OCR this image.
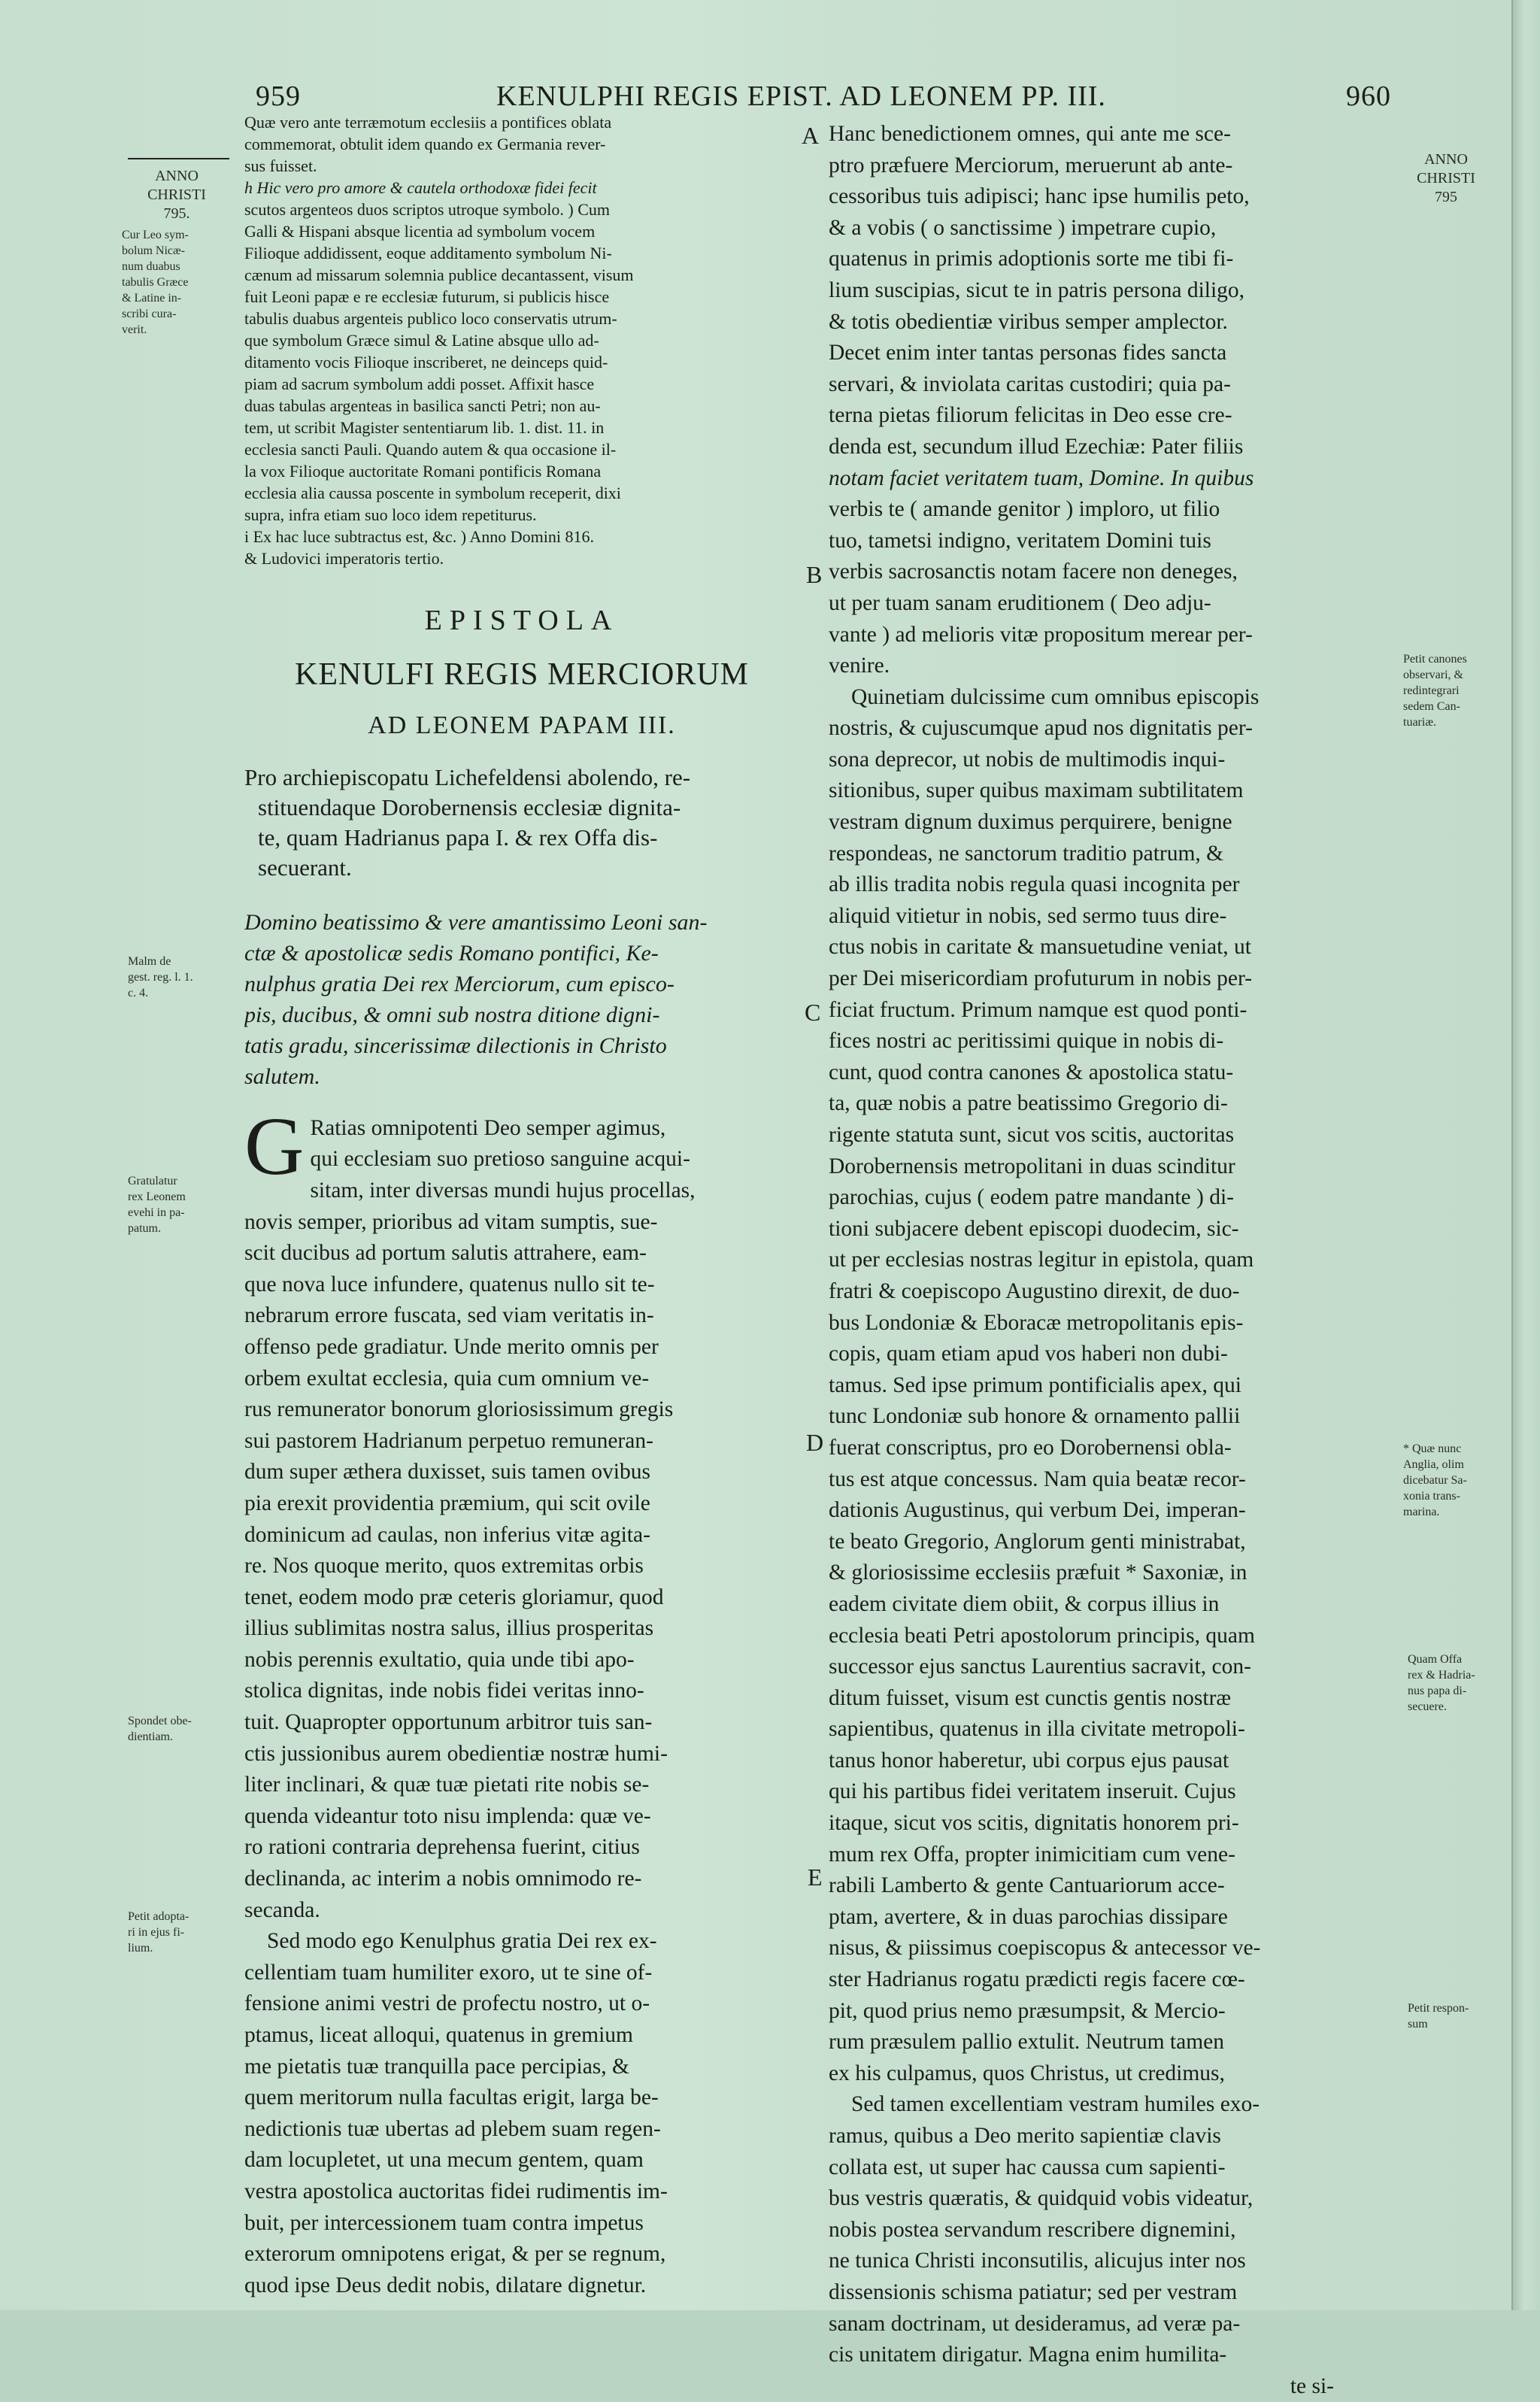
959	KENULPHI REGIS EPIST. AD LEONEM PP. III.	960
ANNO
CHRISTI
795.
Cur Leo sym-
bolum Nicæ-
num duabus
tabulis Græce
& Latine in-
scribi cura-
verit.
Malm de
gest. reg. l. 1.
c. 4.
Gratulatur
rex Leonem
evehi in pa-
patum.
Spondet obe-
dientiam.
Petit adopta-
ri in ejus fi-
lium.
ANNO
CHRISTI
795
Petit canones
observari, &
redintegrari
sedem Can-
tuariæ.
* Quæ nunc
Anglia, olim
dicebatur Sa-
xonia trans-
marina.
Quam Offa
rex & Hadria-
nus papa di-
secuere.
Petit respon-
sum
A
B
C
D
E
Quæ vero ante terræmotum ecclesiis a pontifices oblata
commemorat, obtulit idem quando ex Germania rever-
sus fuisset.
h Hic vero pro amore & cautela orthodoxæ fidei fecit
scutos argenteos duos scriptos utroque symbolo. ) Cum
Galli & Hispani absque licentia ad symbolum vocem
Filioque addidissent, eoque additamento symbolum Ni-
cænum ad missarum solemnia publice decantassent, visum
fuit Leoni papæ e re ecclesiæ futurum, si publicis hisce
tabulis duabus argenteis publico loco conservatis utrum-
que symbolum Græce simul & Latine absque ullo ad-
ditamento vocis Filioque inscriberet, ne deinceps quid-
piam ad sacrum symbolum addi posset. Affixit hasce
duas tabulas argenteas in basilica sancti Petri; non au-
tem, ut scribit Magister sententiarum lib. 1. dist. 11. in
ecclesia sancti Pauli. Quando autem & qua occasione il-
la vox Filioque auctoritate Romani pontificis Romana
ecclesia alia caussa poscente in symbolum receperit, dixi
supra, infra etiam suo loco idem repetiturus.
i Ex hac luce subtractus est, &c. ) Anno Domini 816.
& Ludovici imperatoris tertio.
EPISTOLA
KENULFI REGIS MERCIORUM
AD LEONEM PAPAM III.
Pro archiepiscopatu Lichefeldensi abolendo, re-
stituendaque Dorobernensis ecclesiæ dignita-
te, quam Hadrianus papa I. & rex Offa dis-
secuerant.
Domino beatissimo & vere amantissimo Leoni san-
ctæ & apostolicæ sedis Romano pontifici, Ke-
nulphus gratia Dei rex Merciorum, cum episco-
pis, ducibus, & omni sub nostra ditione digni-
tatis gradu, sincerissimæ dilectionis in Christo
salutem.
G Ratias omnipotenti Deo semper agimus,
qui ecclesiam suo pretioso sanguine acqui-
sitam, inter diversas mundi hujus procellas,
novis semper, prioribus ad vitam sumptis, sue-
scit ducibus ad portum salutis attrahere, eam-
que nova luce infundere, quatenus nullo sit te-
nebrarum errore fuscata, sed viam veritatis in-
offenso pede gradiatur. Unde merito omnis per
orbem exultat ecclesia, quia cum omnium ve-
rus remunerator bonorum gloriosissimum gregis
sui pastorem Hadrianum perpetuo remuneran-
dum super æthera duxisset, suis tamen ovibus
pia erexit providentia præmium, qui scit ovile
dominicum ad caulas, non inferius vitæ agita-
re. Nos quoque merito, quos extremitas orbis
tenet, eodem modo præ ceteris gloriamur, quod
illius sublimitas nostra salus, illius prosperitas
nobis perennis exultatio, quia unde tibi apo-
stolica dignitas, inde nobis fidei veritas inno-
tuit. Quapropter opportunum arbitror tuis san-
ctis jussionibus aurem obedientiæ nostræ humi-
liter inclinari, & quæ tuæ pietati rite nobis se-
quenda videantur toto nisu implenda: quæ ve-
ro rationi contraria deprehensa fuerint, citius
declinanda, ac interim a nobis omnimodo re-
secanda.
Sed modo ego Kenulphus gratia Dei rex ex-
cellentiam tuam humiliter exoro, ut te sine of-
fensione animi vestri de profectu nostro, ut o-
ptamus, liceat alloqui, quatenus in gremium
me pietatis tuæ tranquilla pace percipias, &
quem meritorum nulla facultas erigit, larga be-
nedictionis tuæ ubertas ad plebem suam regen-
dam locupletet, ut una mecum gentem, quam
vestra apostolica auctoritas fidei rudimentis im-
buit, per intercessionem tuam contra impetus
exterorum omnipotens erigat, & per se regnum,
quod ipse Deus dedit nobis, dilatare dignetur.
Hanc benedictionem omnes, qui ante me sce-
ptro præfuere Merciorum, meruerunt ab ante-
cessoribus tuis adipisci; hanc ipse humilis peto,
& a vobis ( o sanctissime ) impetrare cupio,
quatenus in primis adoptionis sorte me tibi fi-
lium suscipias, sicut te in patris persona diligo,
& totis obedientiæ viribus semper amplector.
Decet enim inter tantas personas fides sancta
servari, & inviolata caritas custodiri; quia pa-
terna pietas filiorum felicitas in Deo esse cre-
denda est, secundum illud Ezechiæ: Pater filiis
notam faciet veritatem tuam, Domine. In quibus
verbis te ( amande genitor ) imploro, ut filio
tuo, tametsi indigno, veritatem Domini tuis
verbis sacrosanctis notam facere non deneges,
ut per tuam sanam eruditionem ( Deo adju-
vante ) ad melioris vitæ propositum merear per-
venire.
Quinetiam dulcissime cum omnibus episcopis
nostris, & cujuscumque apud nos dignitatis per-
sona deprecor, ut nobis de multimodis inqui-
sitionibus, super quibus maximam subtilitatem
vestram dignum duximus perquirere, benigne
respondeas, ne sanctorum traditio patrum, &
ab illis tradita nobis regula quasi incognita per
aliquid vitietur in nobis, sed sermo tuus dire-
ctus nobis in caritate & mansuetudine veniat, ut
per Dei misericordiam profuturum in nobis per-
ficiat fructum. Primum namque est quod ponti-
fices nostri ac peritissimi quique in nobis di-
cunt, quod contra canones & apostolica statu-
ta, quæ nobis a patre beatissimo Gregorio di-
rigente statuta sunt, sicut vos scitis, auctoritas
Dorobernensis metropolitani in duas scinditur
parochias, cujus ( eodem patre mandante ) di-
tioni subjacere debent episcopi duodecim, sic-
ut per ecclesias nostras legitur in epistola, quam
fratri & coepiscopo Augustino direxit, de duo-
bus Londoniæ & Eboracæ metropolitanis epis-
copis, quam etiam apud vos haberi non dubi-
tamus. Sed ipse primum pontificialis apex, qui
tunc Londoniæ sub honore & ornamento pallii
fuerat conscriptus, pro eo Dorobernensi obla-
tus est atque concessus. Nam quia beatæ recor-
dationis Augustinus, qui verbum Dei, imperan-
te beato Gregorio, Anglorum genti ministrabat,
& gloriosissime ecclesiis præfuit * Saxoniæ, in
eadem civitate diem obiit, & corpus illius in
ecclesia beati Petri apostolorum principis, quam
successor ejus sanctus Laurentius sacravit, con-
ditum fuisset, visum est cunctis gentis nostræ
sapientibus, quatenus in illa civitate metropoli-
tanus honor haberetur, ubi corpus ejus pausat
qui his partibus fidei veritatem inseruit. Cujus
itaque, sicut vos scitis, dignitatis honorem pri-
mum rex Offa, propter inimicitiam cum vene-
rabili Lamberto & gente Cantuariorum acce-
ptam, avertere, & in duas parochias dissipare
nisus, & piissimus coepiscopus & antecessor ve-
ster Hadrianus rogatu prædicti regis facere cœ-
pit, quod prius nemo præsumpsit, & Mercio-
rum præsulem pallio extulit. Neutrum tamen
ex his culpamus, quos Christus, ut credimus,
Sed tamen excellentiam vestram humiles exo-
ramus, quibus a Deo merito sapientiæ clavis
collata est, ut super hac caussa cum sapienti-
bus vestris quæratis, & quidquid vobis videatur,
nobis postea servandum rescribere dignemini,
ne tunica Christi inconsutilis, alicujus inter nos
dissensionis schisma patiatur; sed per vestram
sanam doctrinam, ut desideramus, ad veræ pa-
cis unitatem dirigatur. Magna enim humilita-
te si-
